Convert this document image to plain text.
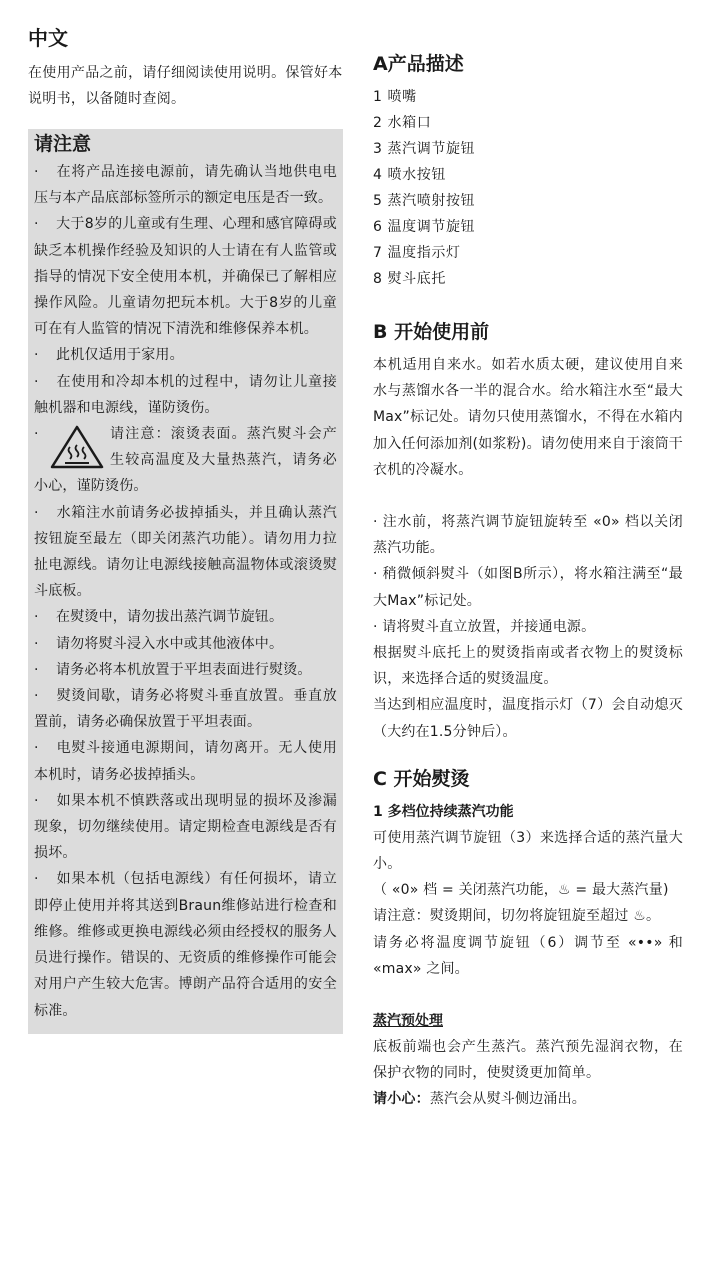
中文

在使用产品之前，请仔细阅读使用说明。保管好本说明书，以备随时查阅。

请注意
· 在将产品连接电源前，请先确认当地供电电压与本产品底部标签所示的额定电压是否一致。
· 大于8岁的儿童或有生理、心理和感官障碍或缺乏本机操作经验及知识的人士请在有人监管或指导的情况下安全使用本机，并确保已了解相应操作风险。儿童请勿把玩本机。大于8岁的儿童可在有人监管的情况下清洗和维修保养本机。
· 此机仅适用于家用。
· 在使用和冷却本机的过程中，请勿让儿童接触机器和电源线，谨防烫伤。
·	请注意：滚烫表面。蒸汽熨斗会产生较高温度及大量热蒸汽，请务必小心，谨防烫伤。
· 水箱注水前请务必拔掉插头，并且确认蒸汽按钮旋至最左（即关闭蒸汽功能）。请勿用力拉扯电源线。请勿让电源线接触高温物体或滚烫熨斗底板。
· 在熨烫中，请勿拔出蒸汽调节旋钮。
· 请勿将熨斗浸入水中或其他液体中。
· 请务必将本机放置于平坦表面进行熨烫。
· 熨烫间歇，请务必将熨斗垂直放置。垂直放置前，请务必确保放置于平坦表面。
· 电熨斗接通电源期间，请勿离开。无人使用本机时，请务必拔掉插头。
· 如果本机不慎跌落或出现明显的损坏及渗漏现象，切勿继续使用。请定期检查电源线是否有损坏。
· 如果本机（包括电源线）有任何损坏，请立即停止使用并将其送到Braun维修站进行检查和维修。维修或更换电源线必须由经授权的服务人员进行操作。错误的、无资质的维修操作可能会对用户产生较大危害。博朗产品符合适用的安全标准。
A产品描述
1 喷嘴
2 水箱口
3 蒸汽调节旋钮
4 喷水按钮
5 蒸汽喷射按钮
6 温度调节旋钮
7 温度指示灯
8 熨斗底托
B 开始使用前

本机适用自来水。如若水质太硬，建议使用自来水与蒸馏水各一半的混合水。给水箱注水至“最大Max”标记处。请勿只使用蒸馏水，不得在水箱内加入任何添加剂(如浆粉)。请勿使用来自于滚筒干衣机的冷凝水。

· 注水前，将蒸汽调节旋钮旋转至 «0» 档以关闭蒸汽功能。

· 稍微倾斜熨斗（如图B所示），将水箱注满至“最大Max”标记处。

· 请将熨斗直立放置，并接通电源。

根据熨斗底托上的熨烫指南或者衣物上的熨烫标识，来选择合适的熨烫温度。

当达到相应温度时，温度指示灯（7）会自动熄灭（大约在1.5分钟后）。

C 开始熨烫

1 多档位持续蒸汽功能

可使用蒸汽调节旋钮（3）来选择合适的蒸汽量大小。

（ «0» 档 = 关闭蒸汽功能，♨ = 最大蒸汽量)

请注意：熨烫期间，切勿将旋钮旋至超过 ♨。

请务必将温度调节旋钮（6）调节至 «••» 和 «max» 之间。

蒸汽预处理

底板前端也会产生蒸汽。蒸汽预先湿润衣物，在保护衣物的同时，使熨烫更加简单。

请小心：蒸汽会从熨斗侧边涌出。
